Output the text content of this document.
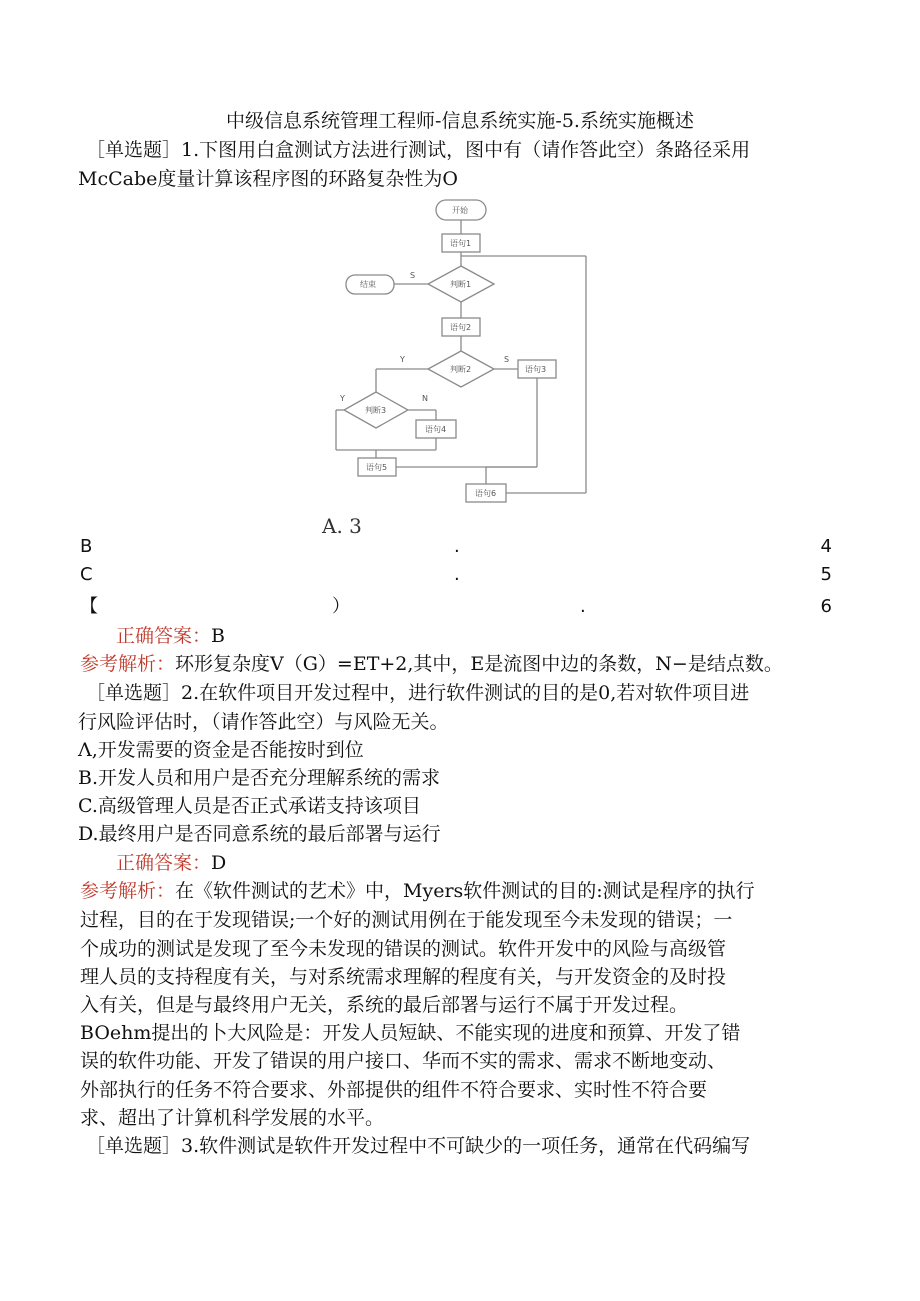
中级信息系统管理工程师-信息系统实施-5.系统实施概述
［单选题］1.下图用白盒测试方法进行测试，图中有（请作答此空）条路径采用
McCabe度量计算该程序图的环路复杂性为O
开始
语句1
判断1
结束
S
语句2
判断2
Y	S
语句3
判断3
Y	N
语句4
语句5
语句6
A. 3
B	.	4
C	.	5
【	）	.	6
正确答案：B
参考解析：环形复杂度V（G）=ET+2,其中，E是流图中边的条数，N−是结点数。
［单选题］2.在软件项目开发过程中，进行软件测试的目的是0,若对软件项目进
行风险评估时，（请作答此空）与风险无关。
Λ,开发需要的资金是否能按时到位
B.开发人员和用户是否充分理解系统的需求
C.高级管理人员是否正式承诺支持该项目
D.最终用户是否同意系统的最后部署与运行
正确答案：D
参考解析：在《软件测试的艺术》中，Myers软件测试的目的:测试是程序的执行
过程，目的在于发现错误;一个好的测试用例在于能发现至今未发现的错误；一
个成功的测试是发现了至今未发现的错误的测试。软件开发中的风险与高级管
理人员的支持程度有关，与对系统需求理解的程度有关，与开发资金的及时投
入有关，但是与最终用户无关，系统的最后部署与运行不属于开发过程。
BOehm提出的卜大风险是：开发人员短缺、不能实现的进度和预算、开发了错
误的软件功能、开发了错误的用户接口、华而不实的需求、需求不断地变动、
外部执行的任务不符合要求、外部提供的组件不符合要求、实时性不符合要
求、超出了计算机科学发展的水平。
［单选题］3.软件测试是软件开发过程中不可缺少的一项任务，通常在代码编写
